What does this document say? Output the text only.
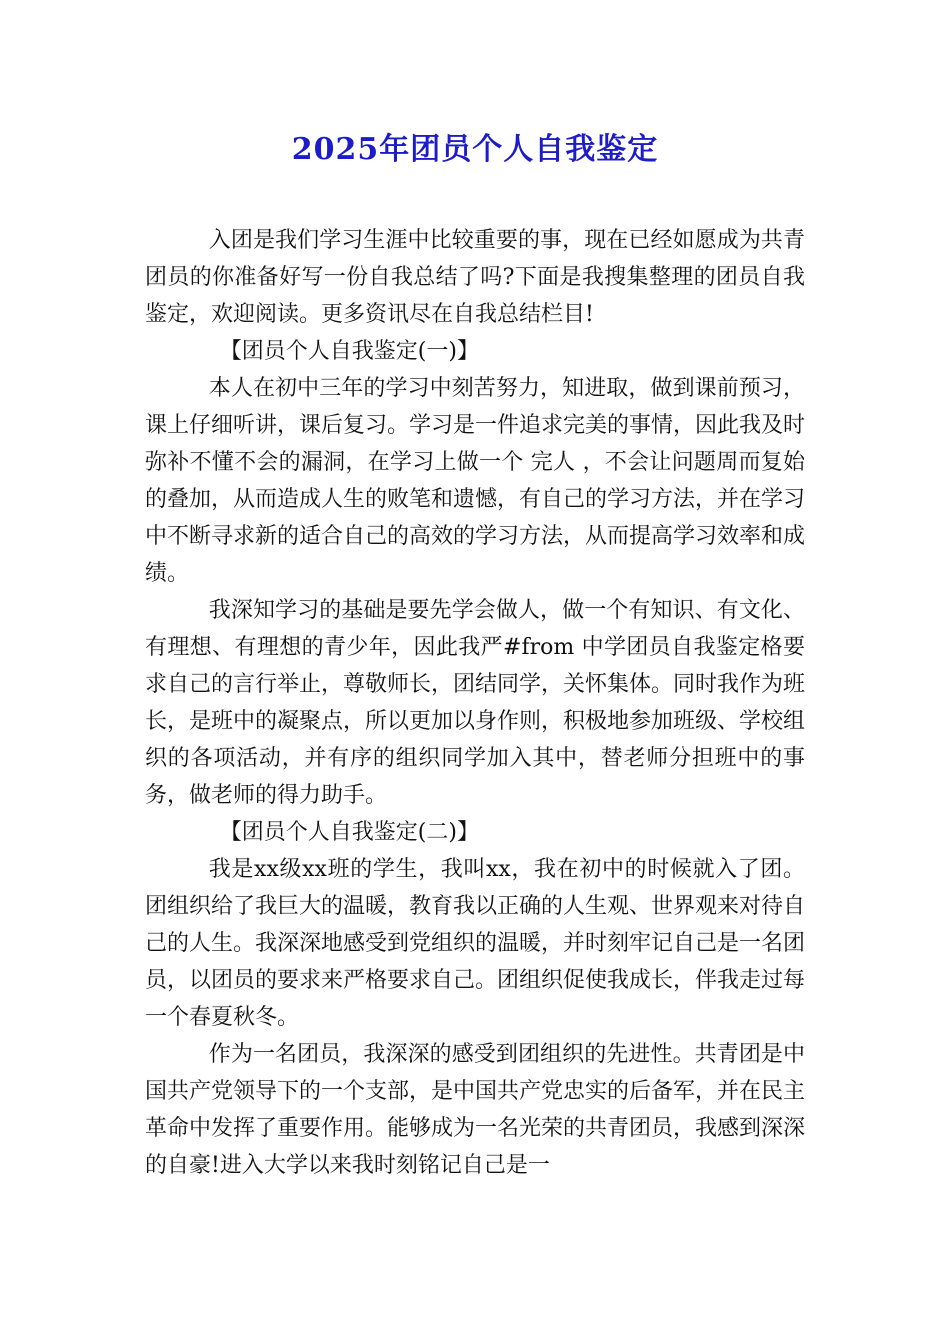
2025年团员个人自我鉴定

入团是我们学习生涯中比较重要的事，现在已经如愿成为共青团员的你准备好写一份自我总结了吗?下面是我搜集整理的团员自我鉴定，欢迎阅读。更多资讯尽在自我总结栏目!

【团员个人自我鉴定(一)】

本人在初中三年的学习中刻苦努力，知进取，做到课前预习，课上仔细听讲，课后复习。学习是一件追求完美的事情，因此我及时弥补不懂不会的漏洞，在学习上做一个 完人 ，不会让问题周而复始的叠加，从而造成人生的败笔和遗憾，有自己的学习方法，并在学习中不断寻求新的适合自己的高效的学习方法，从而提高学习效率和成绩。

我深知学习的基础是要先学会做人，做一个有知识、有文化、有理想、有理想的青少年，因此我严#from 中学团员自我鉴定格要求自己的言行举止，尊敬师长，团结同学，关怀集体。同时我作为班长，是班中的凝聚点，所以更加以身作则，积极地参加班级、学校组织的各项活动，并有序的组织同学加入其中，替老师分担班中的事务，做老师的得力助手。

【团员个人自我鉴定(二)】

我是xx级xx班的学生，我叫xx，我在初中的时候就入了团。团组织给了我巨大的温暖，教育我以正确的人生观、世界观来对待自己的人生。我深深地感受到党组织的温暖，并时刻牢记自己是一名团员，以团员的要求来严格要求自己。团组织促使我成长，伴我走过每一个春夏秋冬。

作为一名团员，我深深的感受到团组织的先进性。共青团是中国共产党领导下的一个支部，是中国共产党忠实的后备军，并在民主革命中发挥了重要作用。能够成为一名光荣的共青团员，我感到深深的自豪!进入大学以来我时刻铭记自己是一
